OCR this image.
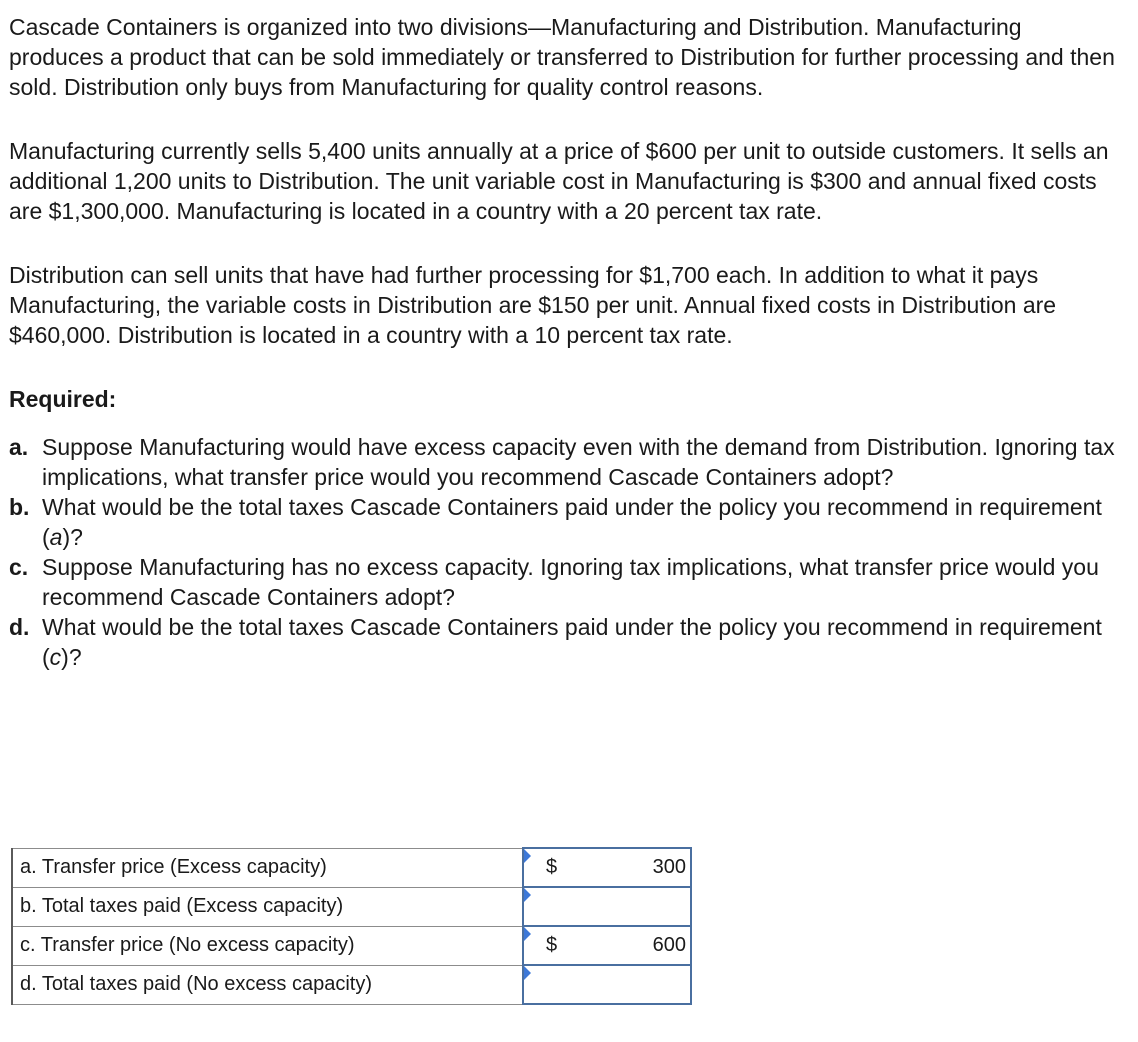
Cascade Containers is organized into two divisions—Manufacturing and Distribution. Manufacturing produces a product that can be sold immediately or transferred to Distribution for further processing and then sold. Distribution only buys from Manufacturing for quality control reasons.

Manufacturing currently sells 5,400 units annually at a price of $600 per unit to outside customers. It sells an additional 1,200 units to Distribution. The unit variable cost in Manufacturing is $300 and annual fixed costs are $1,300,000. Manufacturing is located in a country with a 20 percent tax rate.

Distribution can sell units that have had further processing for $1,700 each. In addition to what it pays Manufacturing, the variable costs in Distribution are $150 per unit. Annual fixed costs in Distribution are $460,000. Distribution is located in a country with a 10 percent tax rate.

Required:
a. Suppose Manufacturing would have excess capacity even with the demand from Distribution. Ignoring tax implications, what transfer price would you recommend Cascade Containers adopt?
b. What would be the total taxes Cascade Containers paid under the policy you recommend in requirement (a)?
c. Suppose Manufacturing has no excess capacity. Ignoring tax implications, what transfer price would you recommend Cascade Containers adopt?
d. What would be the total taxes Cascade Containers paid under the policy you recommend in requirement (c)?
a. Transfer price (Excess capacity)	$ 300

b. Total taxes paid (Excess capacity)	

c. Transfer price (No excess capacity)	$ 600

d. Total taxes paid (No excess capacity)	
